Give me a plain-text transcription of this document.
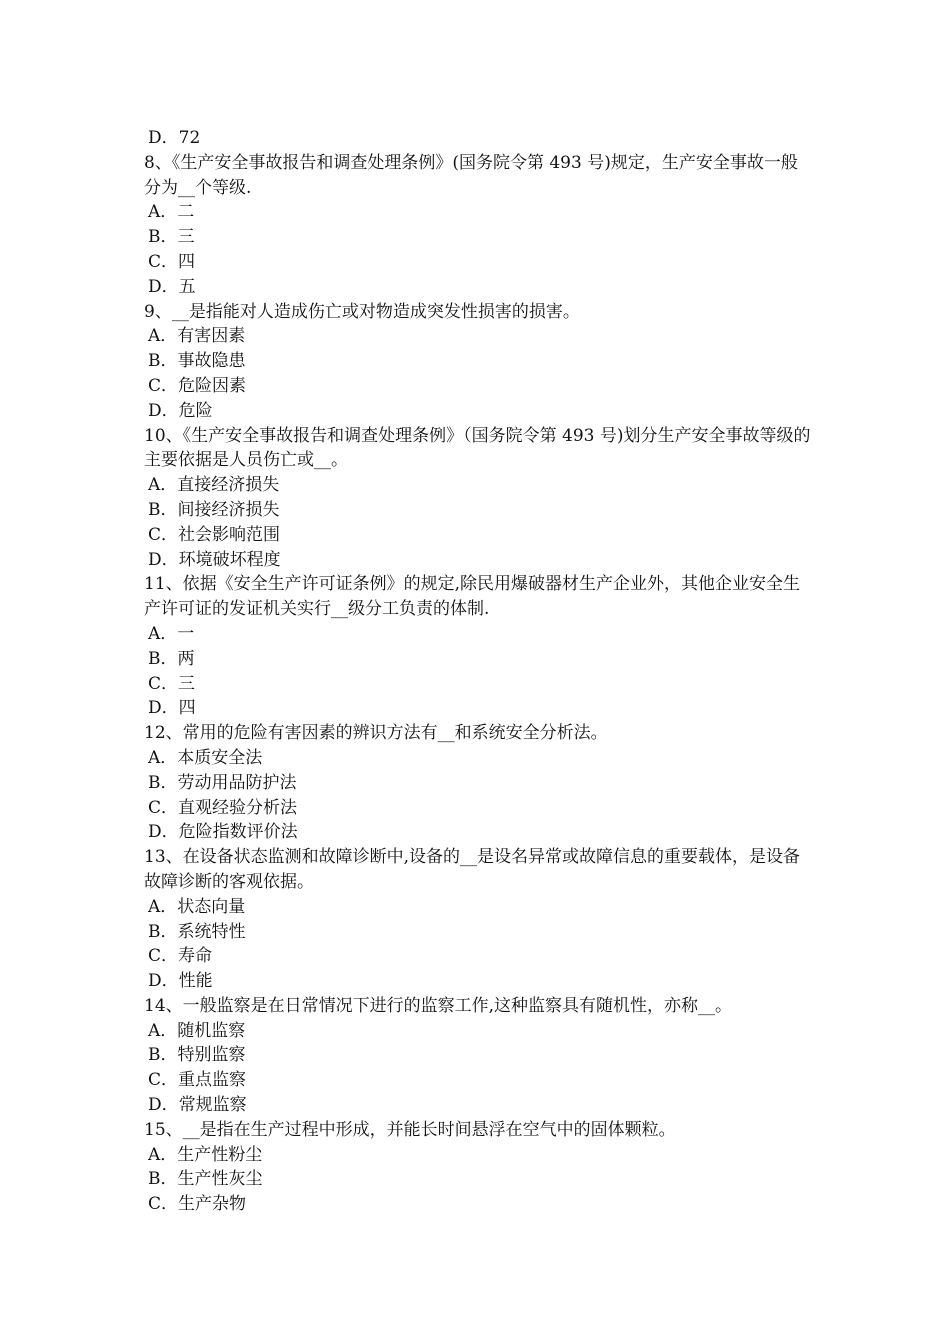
D．72
8、《生产安全事故报告和调查处理条例》(国务院令第 493 号)规定，生产安全事故一般分为__个等级.
A．二
B．三
C．四
D．五
9、__是指能对人造成伤亡或对物造成突发性损害的损害。
A．有害因素
B．事故隐患
C．危险因素
D．危险
10、《生产安全事故报告和调查处理条例》（国务院令第 493 号)划分生产安全事故等级的主要依据是人员伤亡或__。
A．直接经济损失
B．间接经济损失
C．社会影响范围
D．环境破坏程度
11、依据《安全生产许可证条例》的规定,除民用爆破器材生产企业外，其他企业安全生产许可证的发证机关实行__级分工负责的体制.
A．一
B．两
C．三
D．四
12、常用的危险有害因素的辨识方法有__和系统安全分析法。
A．本质安全法
B．劳动用品防护法
C．直观经验分析法
D．危险指数评价法
13、在设备状态监测和故障诊断中,设备的__是设名异常或故障信息的重要载体，是设备故障诊断的客观依据。
A．状态向量
B．系统特性
C．寿命
D．性能
14、一般监察是在日常情况下进行的监察工作,这种监察具有随机性，亦称__。
A．随机监察
B．特别监察
C．重点监察
D．常规监察
15、__是指在生产过程中形成，并能长时间悬浮在空气中的固体颗粒。
A．生产性粉尘
B．生产性灰尘
C．生产杂物
